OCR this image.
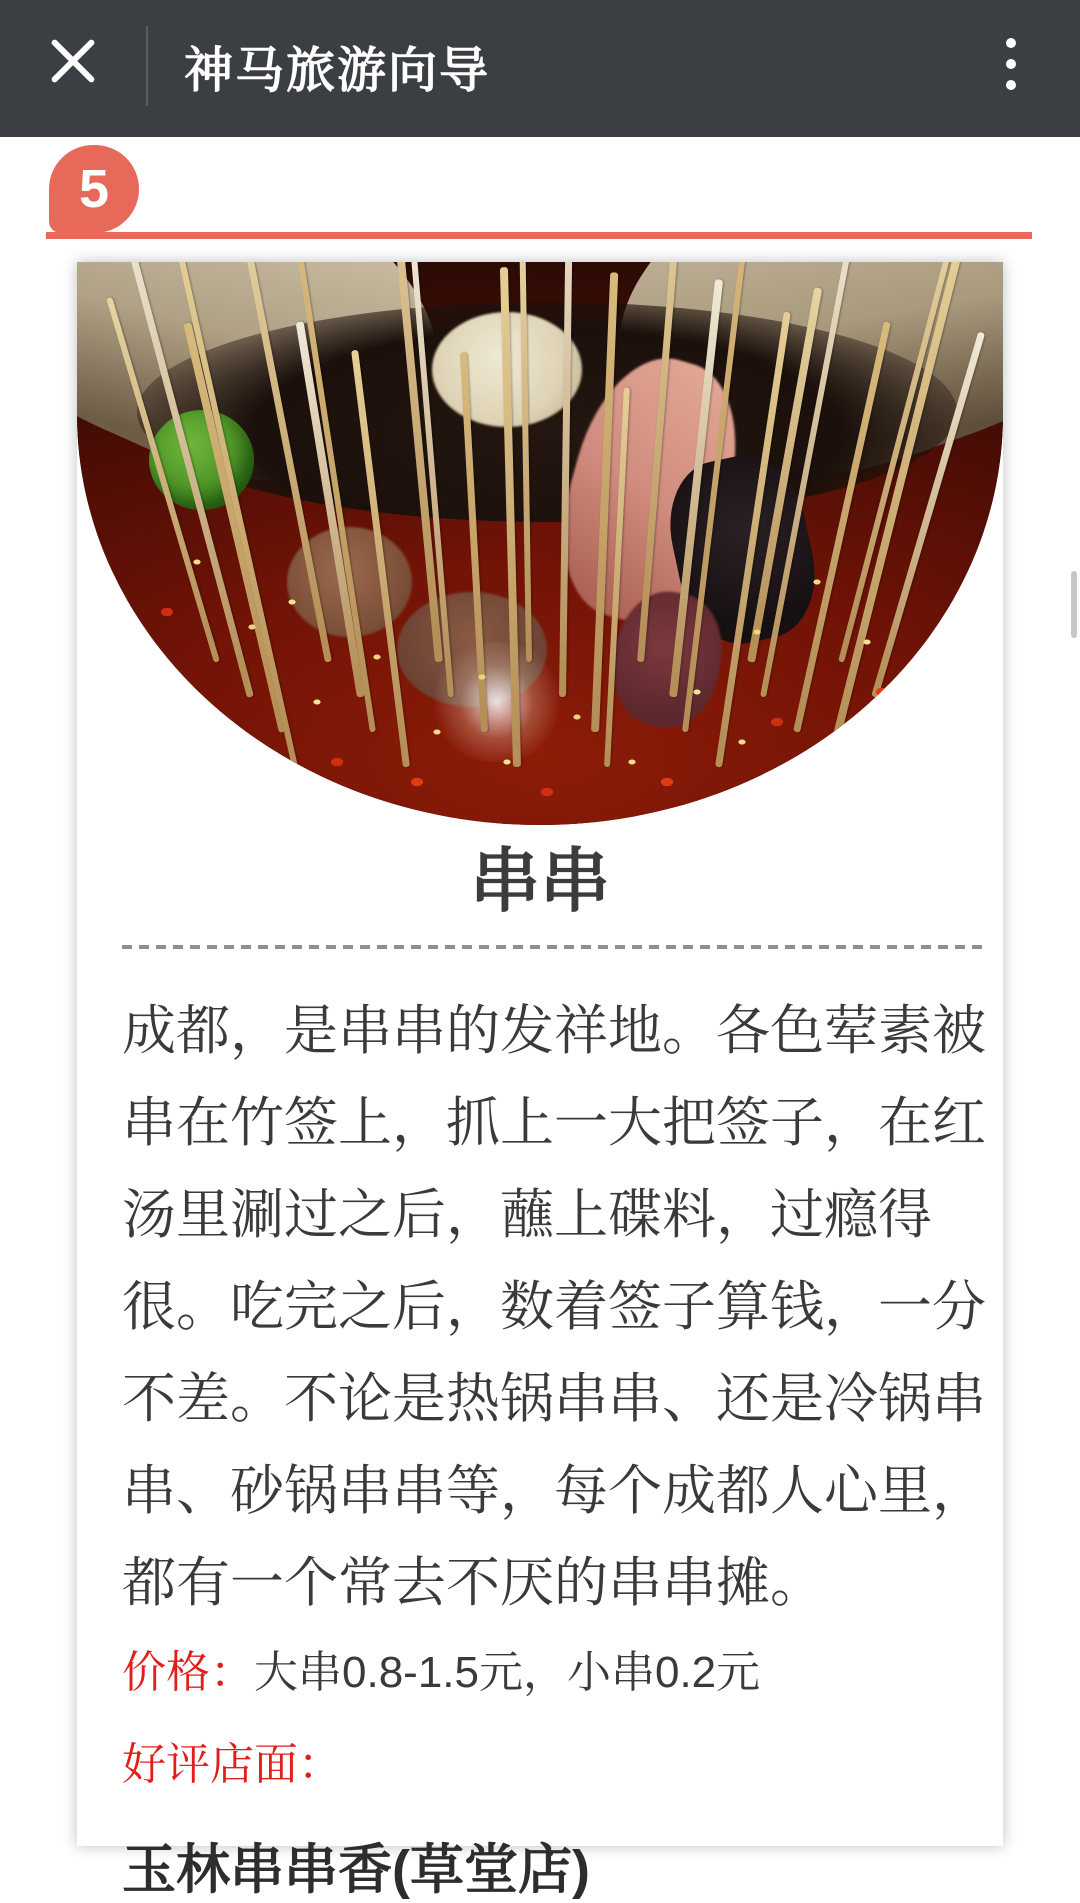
神马旅游向导
5
串串
成都，是串串的发祥地。各色荤素被
串在竹签上，抓上一大把签子，在红
汤里涮过之后，蘸上碟料，过瘾得
很。吃完之后，数着签子算钱，一分
不差。不论是热锅串串、还是冷锅串
串、砂锅串串等，每个成都人心里，
都有一个常去不厌的串串摊。
价格：大串0.8-1.5元，小串0.2元
好评店面：
玉林串串香(草堂店)
